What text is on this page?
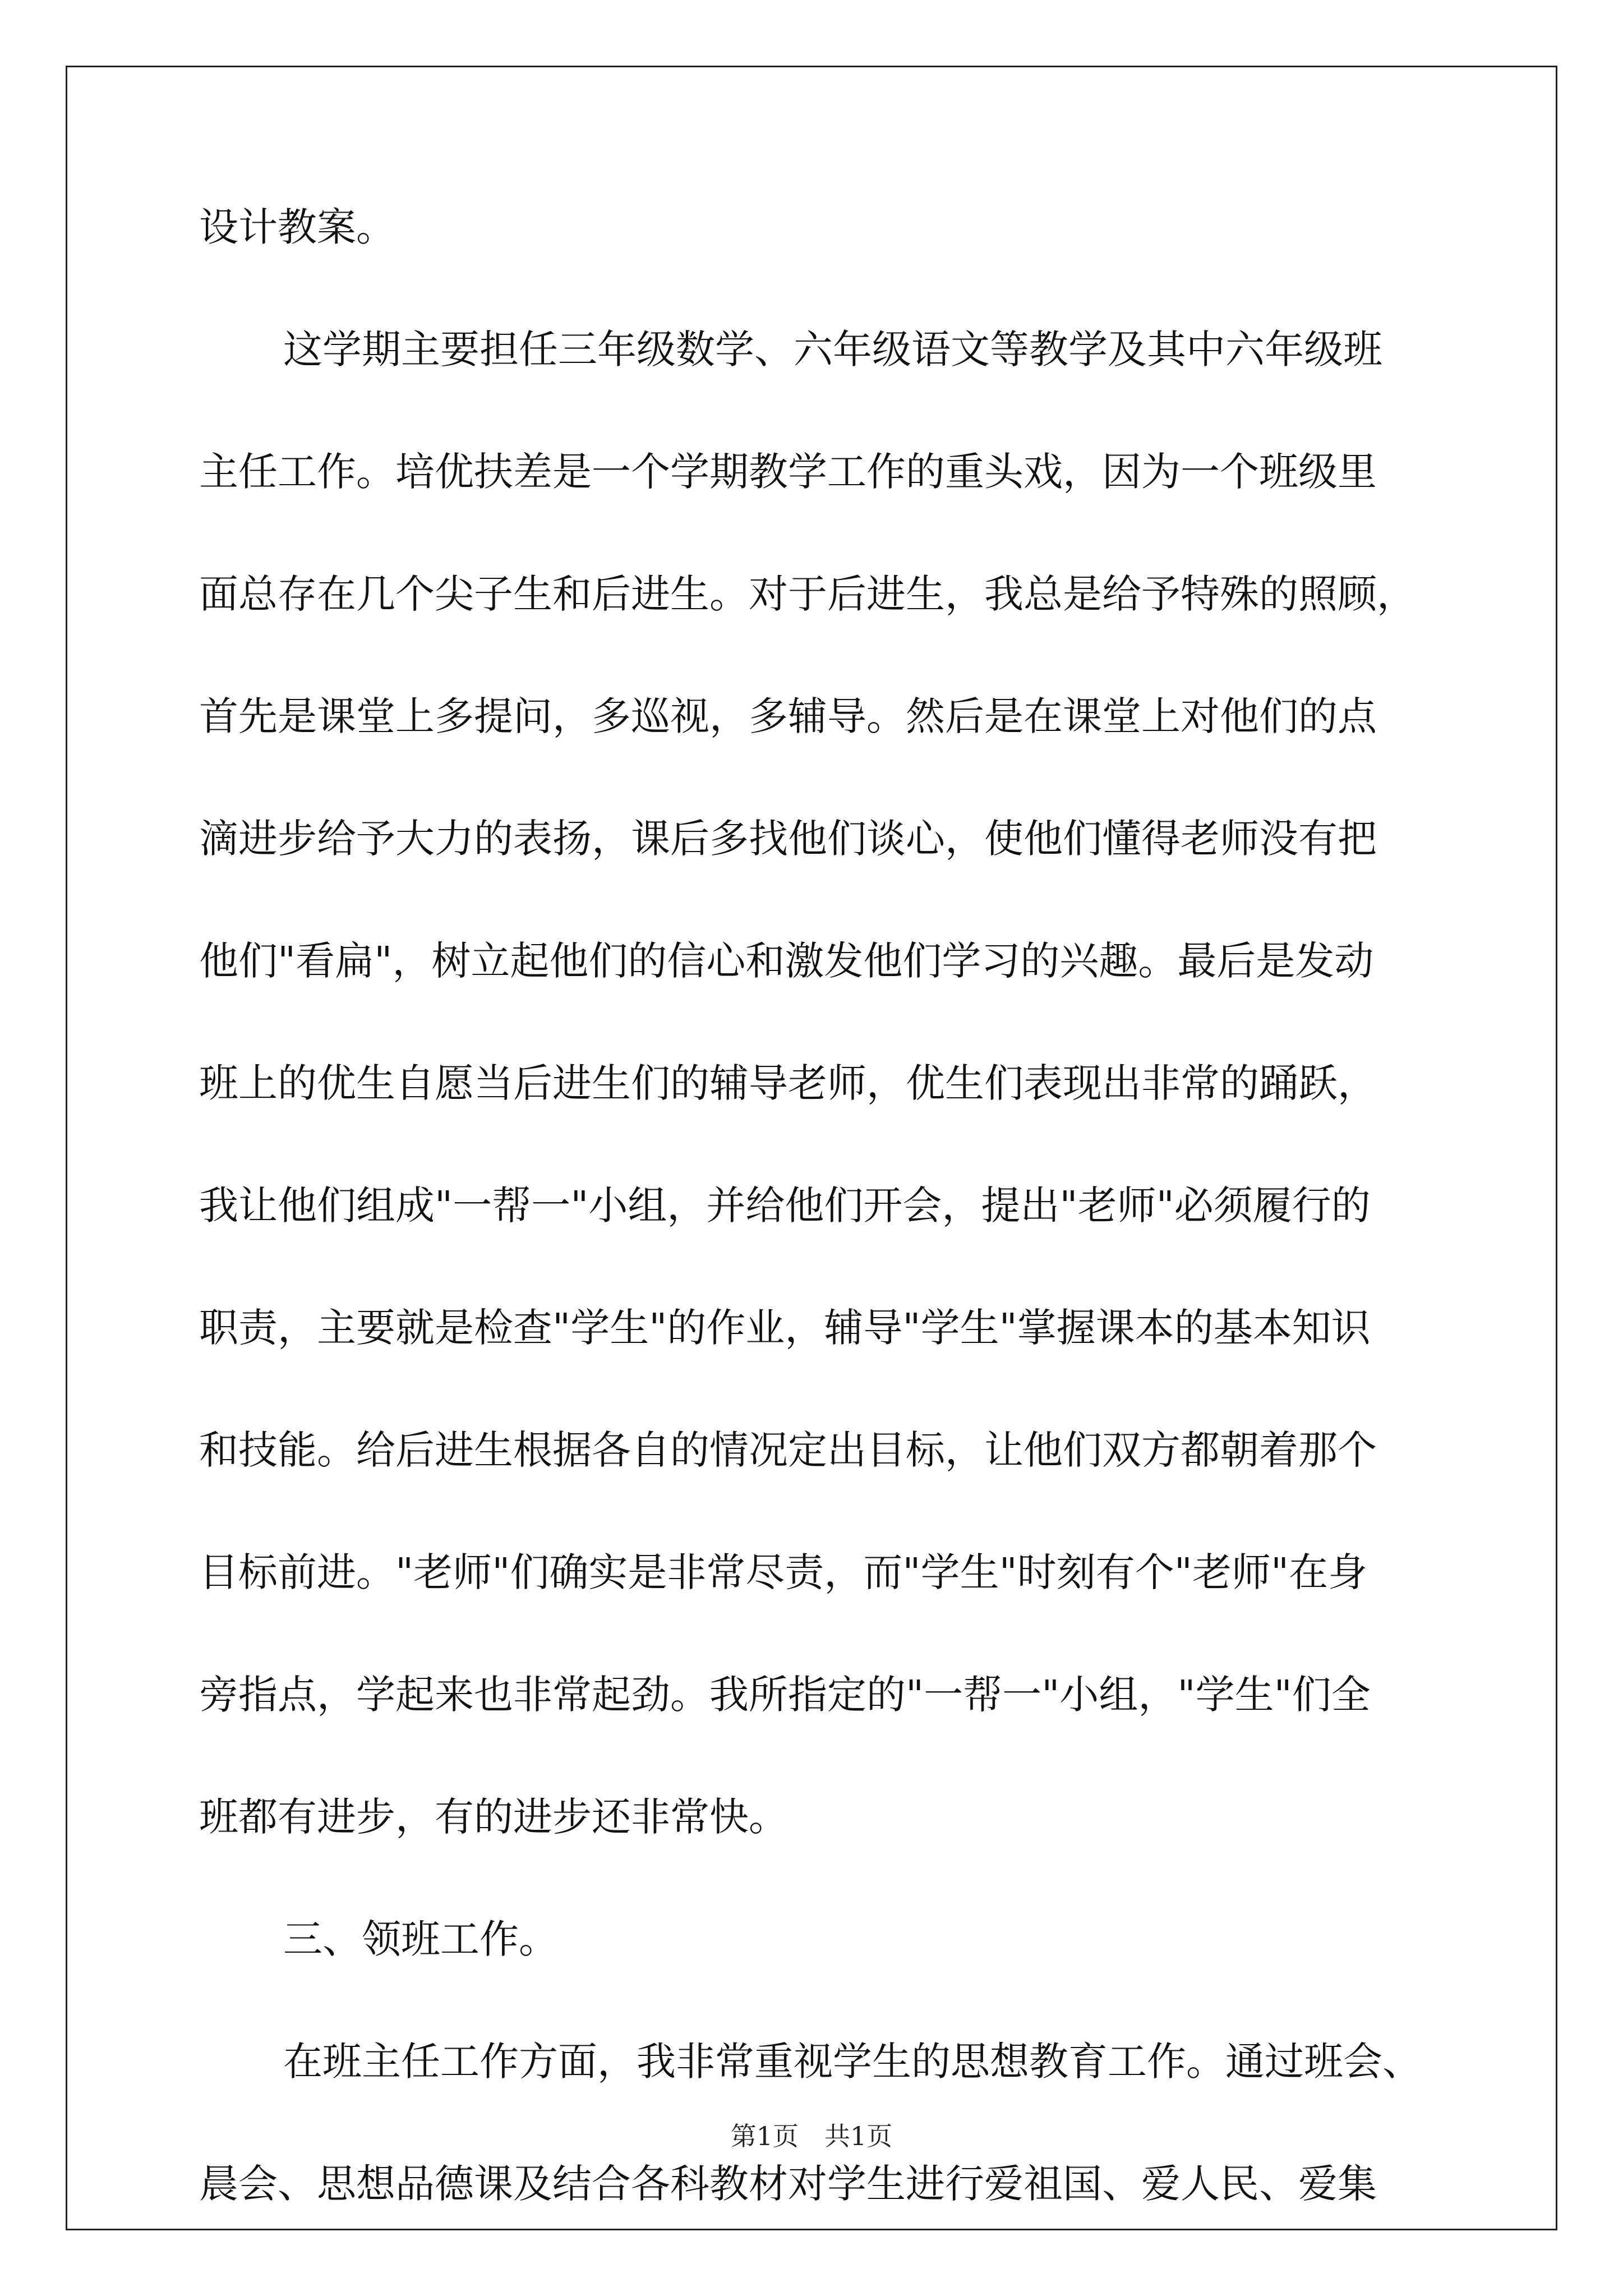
设计教案。
这学期主要担任三年级数学、六年级语文等教学及其中六年级班
主任工作。培优扶差是一个学期教学工作的重头戏，因为一个班级里
面总存在几个尖子生和后进生。对于后进生，我总是给予特殊的照顾，
首先是课堂上多提问，多巡视，多辅导。然后是在课堂上对他们的点
滴进步给予大力的表扬，课后多找他们谈心，使他们懂得老师没有把
他们"看扁"，树立起他们的信心和激发他们学习的兴趣。最后是发动
班上的优生自愿当后进生们的辅导老师，优生们表现出非常的踊跃，
我让他们组成"一帮一"小组，并给他们开会，提出"老师"必须履行的
职责，主要就是检查"学生"的作业，辅导"学生"掌握课本的基本知识
和技能。给后进生根据各自的情况定出目标，让他们双方都朝着那个
目标前进。"老师"们确实是非常尽责，而"学生"时刻有个"老师"在身
旁指点，学起来也非常起劲。我所指定的"一帮一"小组，"学生"们全
班都有进步，有的进步还非常快。
三、领班工作。
在班主任工作方面，我非常重视学生的思想教育工作。通过班会、
晨会、思想品德课及结合各科教材对学生进行爱祖国、爱人民、爱集
第1页　共1页
